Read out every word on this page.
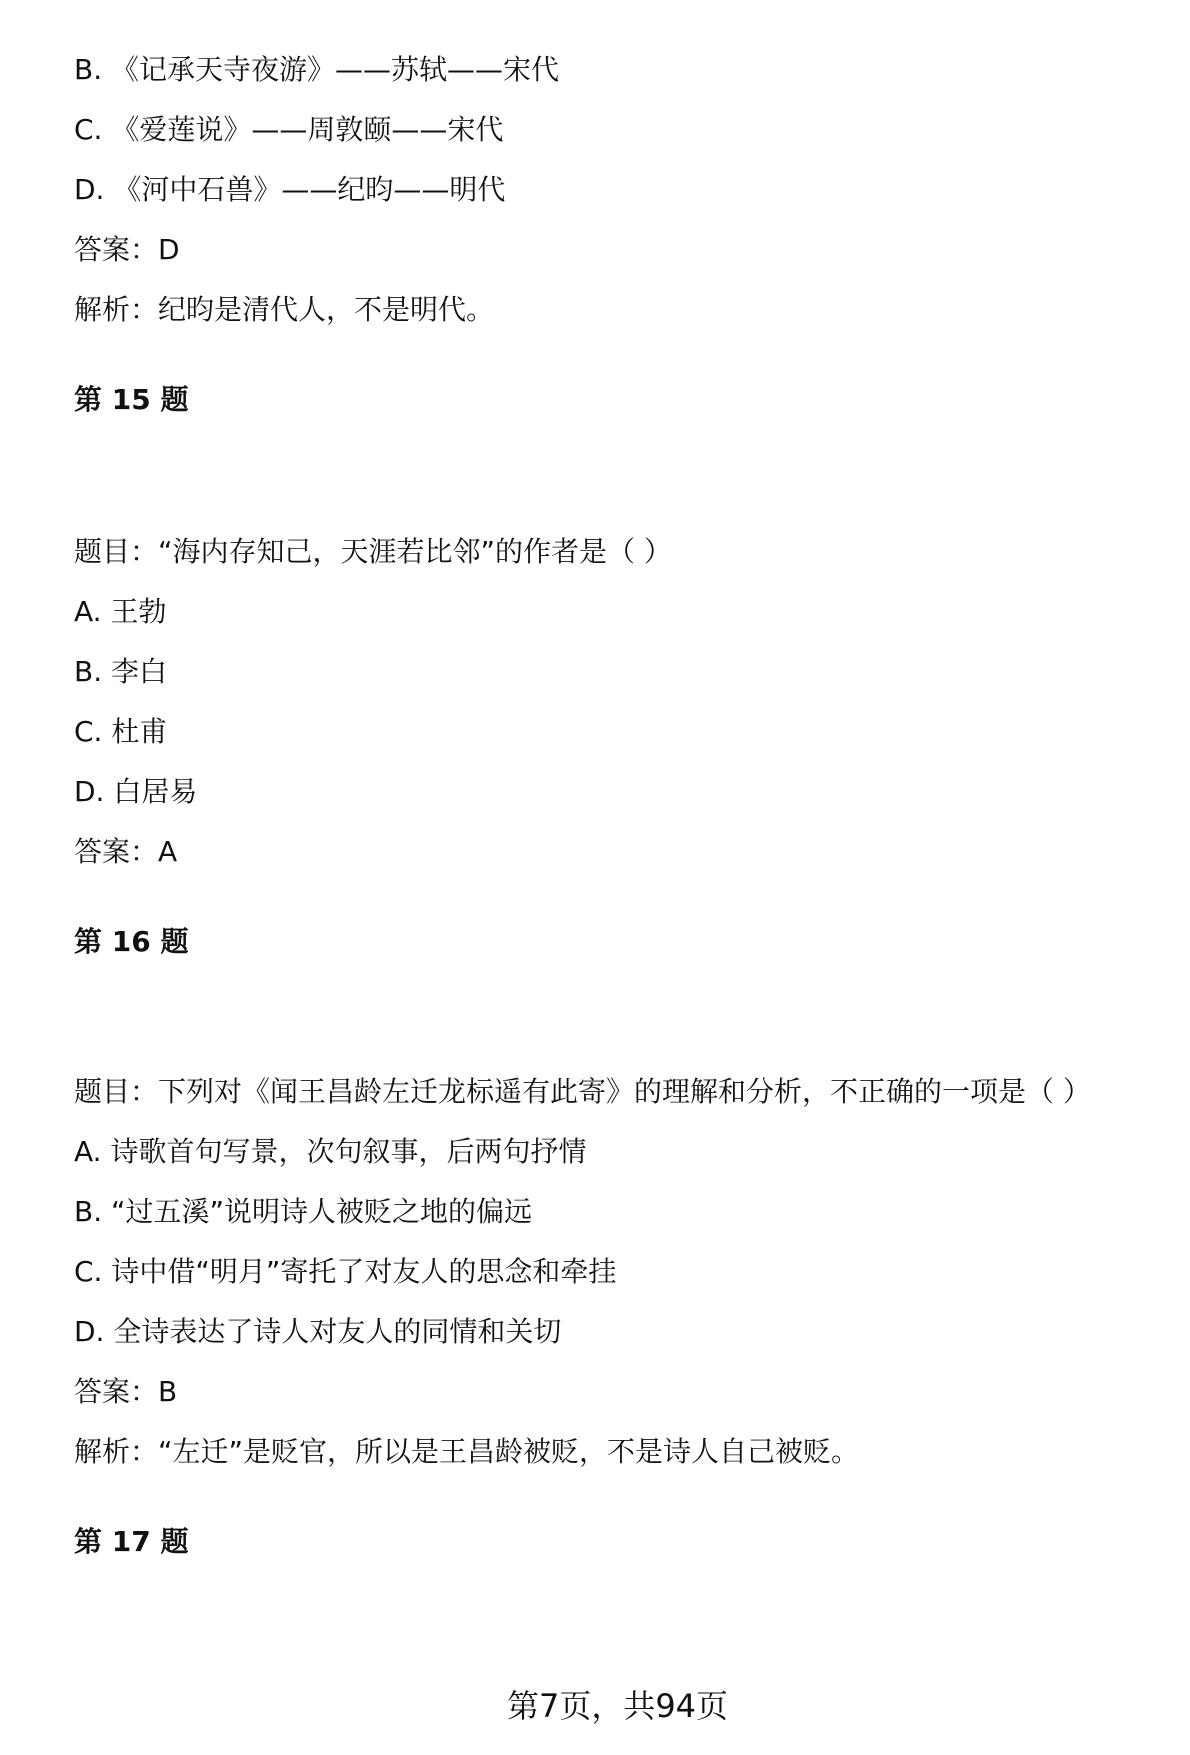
B. 《记承天寺夜游》——苏轼——宋代
C. 《爱莲说》——周敦颐——宋代
D. 《河中石兽》——纪昀——明代
答案：D
解析：纪昀是清代人，不是明代。
第 15 题
题目：“海内存知己，天涯若比邻”的作者是（ ）
A. 王勃
B. 李白
C. 杜甫
D. 白居易
答案：A
第 16 题
题目：下列对《闻王昌龄左迁龙标遥有此寄》的理解和分析，不正确的一项是（ ）
A. 诗歌首句写景，次句叙事，后两句抒情
B. “过五溪”说明诗人被贬之地的偏远
C. 诗中借“明月”寄托了对友人的思念和牵挂
D. 全诗表达了诗人对友人的同情和关切
答案：B
解析：“左迁”是贬官，所以是王昌龄被贬，不是诗人自己被贬。
第 17 题
第7页，共94页
